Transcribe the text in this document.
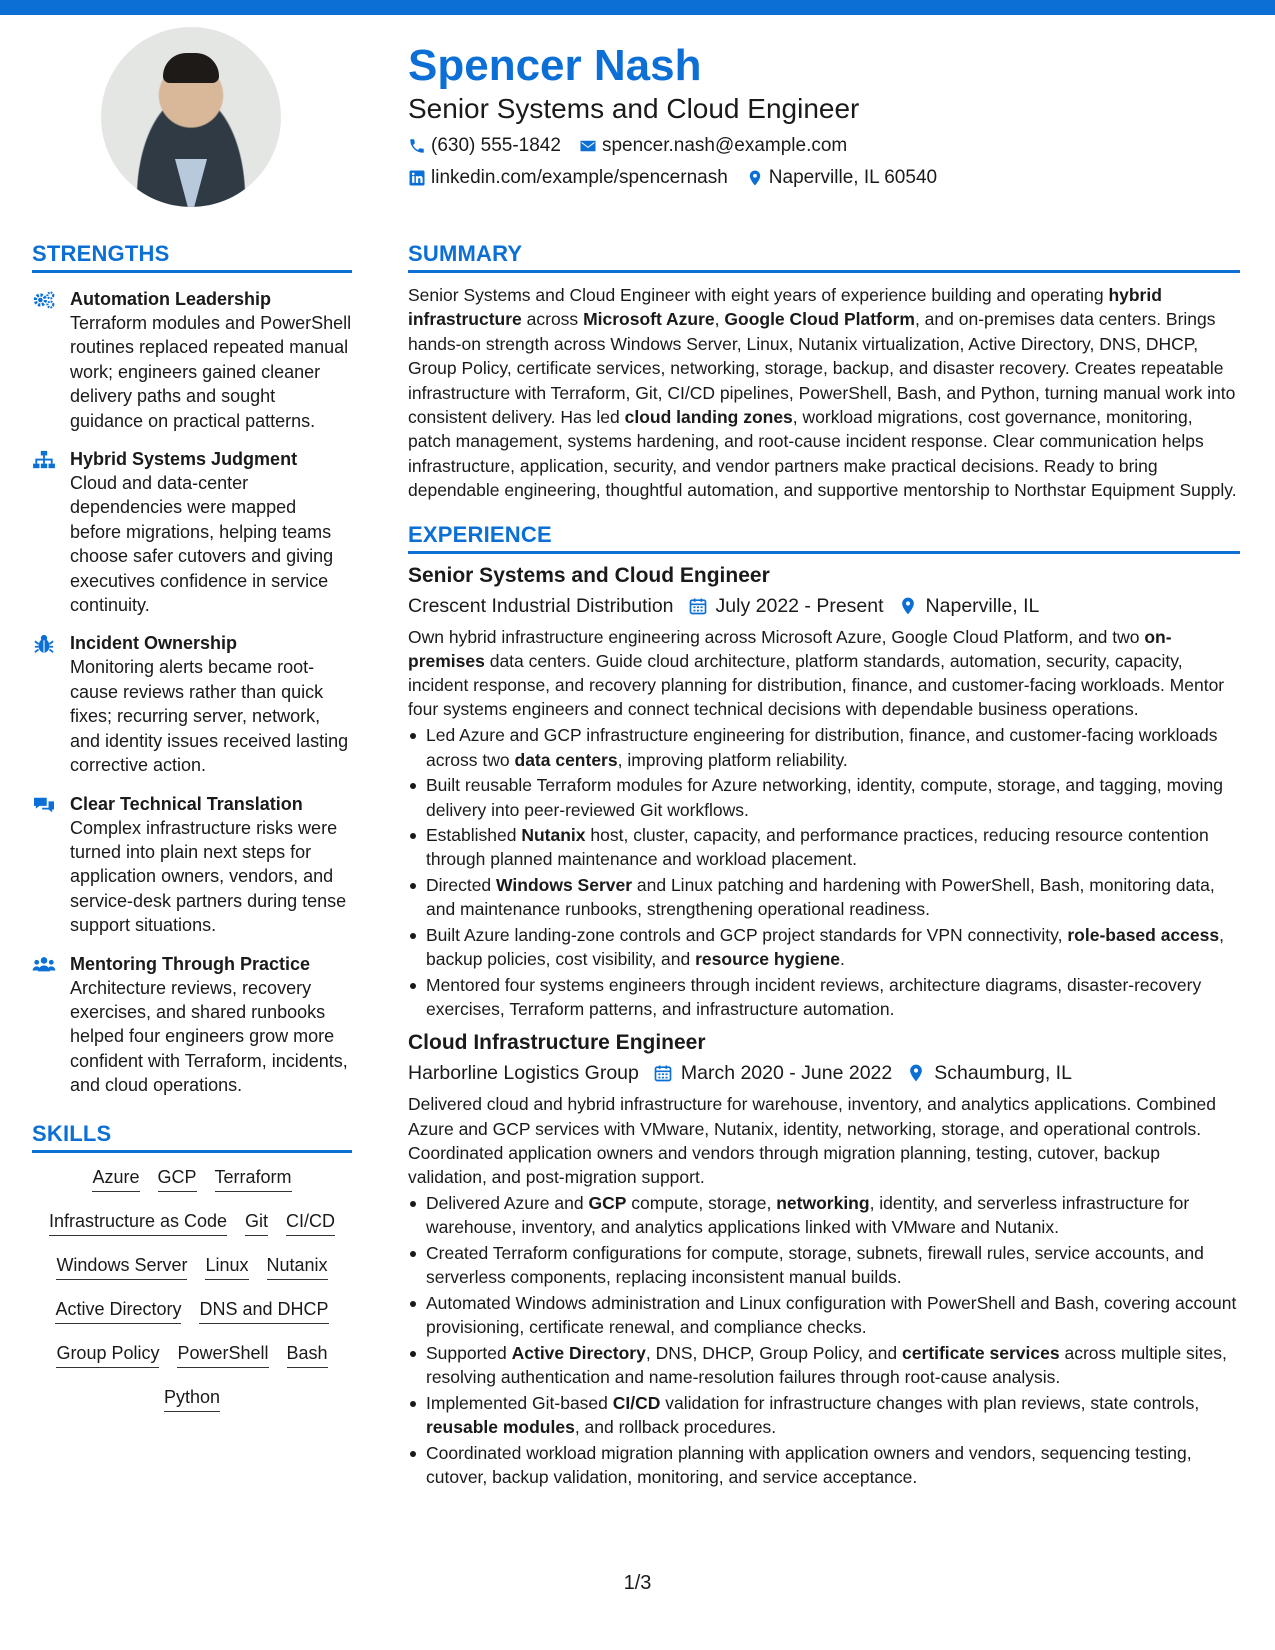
Spencer Nash
Senior Systems and Cloud Engineer
(630) 555-1842 spencer.nash@example.com
linkedin.com/example/spencernash Naperville, IL 60540
STRENGTHS
Automation Leadership
Terraform modules and PowerShell routines replaced repeated manual work; engineers gained cleaner delivery paths and sought guidance on practical patterns.
Hybrid Systems Judgment
Cloud and data-center dependencies were mapped before migrations, helping teams choose safer cutovers and giving executives confidence in service continuity.
Incident Ownership
Monitoring alerts became root-cause reviews rather than quick fixes; recurring server, network, and identity issues received lasting corrective action.
Clear Technical Translation
Complex infrastructure risks were turned into plain next steps for application owners, vendors, and service-desk partners during tense support situations.
Mentoring Through Practice
Architecture reviews, recovery exercises, and shared runbooks helped four engineers grow more confident with Terraform, incidents, and cloud operations.
SKILLS
Azure GCP Terraform
Infrastructure as Code Git CI/CD
Windows Server Linux Nutanix
Active Directory DNS and DHCP
Group Policy PowerShell Bash
Python
SUMMARY
Senior Systems and Cloud Engineer with eight years of experience building and operating hybrid infrastructure across Microsoft Azure, Google Cloud Platform, and on-premises data centers. Brings hands-on strength across Windows Server, Linux, Nutanix virtualization, Active Directory, DNS, DHCP, Group Policy, certificate services, networking, storage, backup, and disaster recovery. Creates repeatable infrastructure with Terraform, Git, CI/CD pipelines, PowerShell, Bash, and Python, turning manual work into consistent delivery. Has led cloud landing zones, workload migrations, cost governance, monitoring, patch management, systems hardening, and root-cause incident response. Clear communication helps infrastructure, application, security, and vendor partners make practical decisions. Ready to bring dependable engineering, thoughtful automation, and supportive mentorship to Northstar Equipment Supply.
EXPERIENCE
Senior Systems and Cloud Engineer
Crescent Industrial Distribution July 2022 - Present Naperville, IL
Own hybrid infrastructure engineering across Microsoft Azure, Google Cloud Platform, and two on-premises data centers. Guide cloud architecture, platform standards, automation, security, capacity, incident response, and recovery planning for distribution, finance, and customer-facing workloads. Mentor four systems engineers and connect technical decisions with dependable business operations.
Led Azure and GCP infrastructure engineering for distribution, finance, and customer-facing workloads across two data centers, improving platform reliability.
Built reusable Terraform modules for Azure networking, identity, compute, storage, and tagging, moving delivery into peer-reviewed Git workflows.
Established Nutanix host, cluster, capacity, and performance practices, reducing resource contention through planned maintenance and workload placement.
Directed Windows Server and Linux patching and hardening with PowerShell, Bash, monitoring data, and maintenance runbooks, strengthening operational readiness.
Built Azure landing-zone controls and GCP project standards for VPN connectivity, role-based access, backup policies, cost visibility, and resource hygiene.
Mentored four systems engineers through incident reviews, architecture diagrams, disaster-recovery exercises, Terraform patterns, and infrastructure automation.
Cloud Infrastructure Engineer
Harborline Logistics Group March 2020 - June 2022 Schaumburg, IL
Delivered cloud and hybrid infrastructure for warehouse, inventory, and analytics applications. Combined Azure and GCP services with VMware, Nutanix, identity, networking, storage, and operational controls. Coordinated application owners and vendors through migration planning, testing, cutover, backup validation, and post-migration support.
Delivered Azure and GCP compute, storage, networking, identity, and serverless infrastructure for warehouse, inventory, and analytics applications linked with VMware and Nutanix.
Created Terraform configurations for compute, storage, subnets, firewall rules, service accounts, and serverless components, replacing inconsistent manual builds.
Automated Windows administration and Linux configuration with PowerShell and Bash, covering account provisioning, certificate renewal, and compliance checks.
Supported Active Directory, DNS, DHCP, Group Policy, and certificate services across multiple sites, resolving authentication and name-resolution failures through root-cause analysis.
Implemented Git-based CI/CD validation for infrastructure changes with plan reviews, state controls, reusable modules, and rollback procedures.
Coordinated workload migration planning with application owners and vendors, sequencing testing, cutover, backup validation, monitoring, and service acceptance.
1/3
